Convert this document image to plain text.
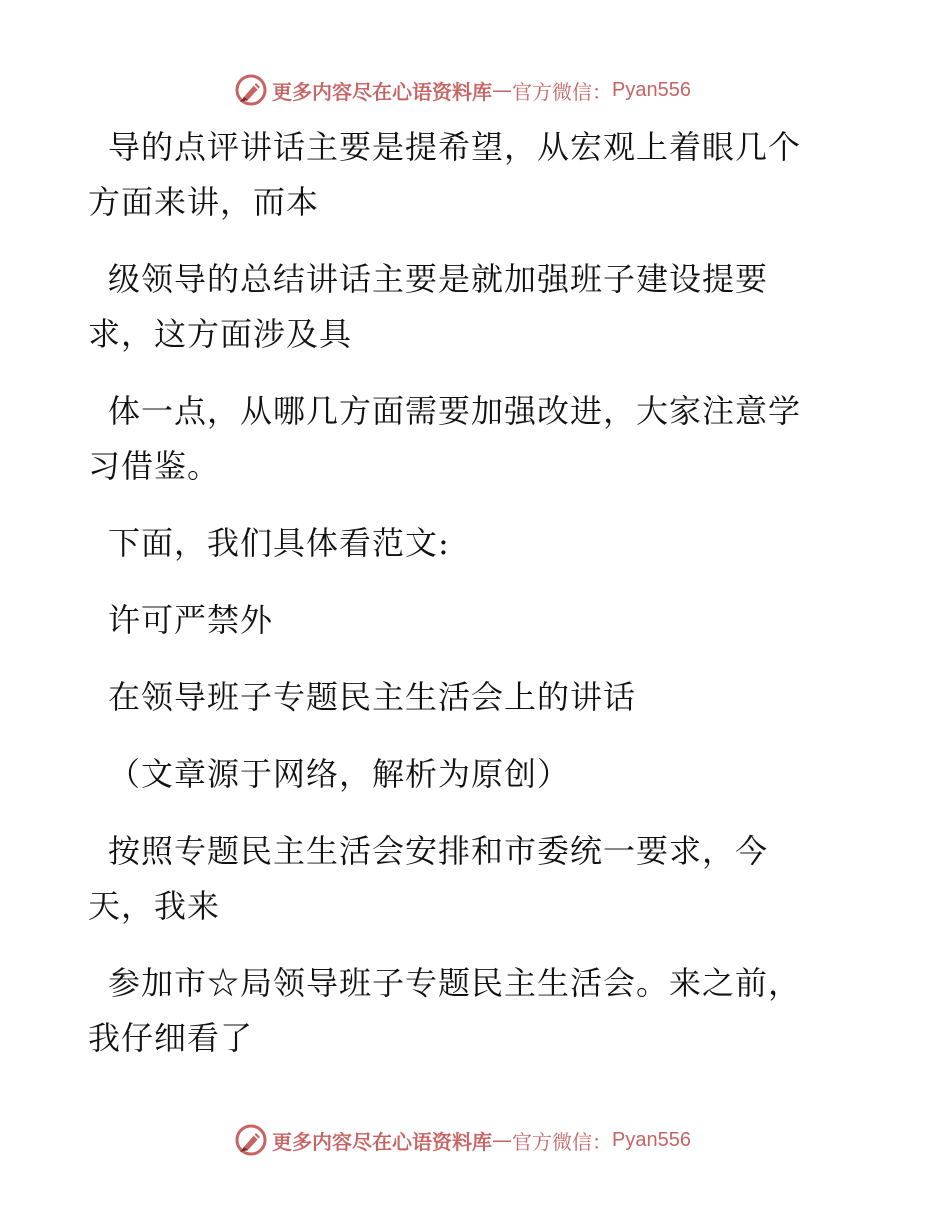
更多内容尽在心语资料库 — 官方微信： Pyan556

导的点评讲话主要是提希望，从宏观上着眼几个
方面来讲，而本

级领导的总结讲话主要是就加强班子建设提要
求，这方面涉及具

体一点，从哪几方面需要加强改进，大家注意学
习借鉴。

下面，我们具体看范文:

许可严禁外

在领导班子专题民主生活会上的讲话

（文章源于网络，解析为原创）

按照专题民主生活会安排和市委统一要求，今
天，我来

参加市☆局领导班子专题民主生活会。来之前，
我仔细看了

更多内容尽在心语资料库 — 官方微信： Pyan556
